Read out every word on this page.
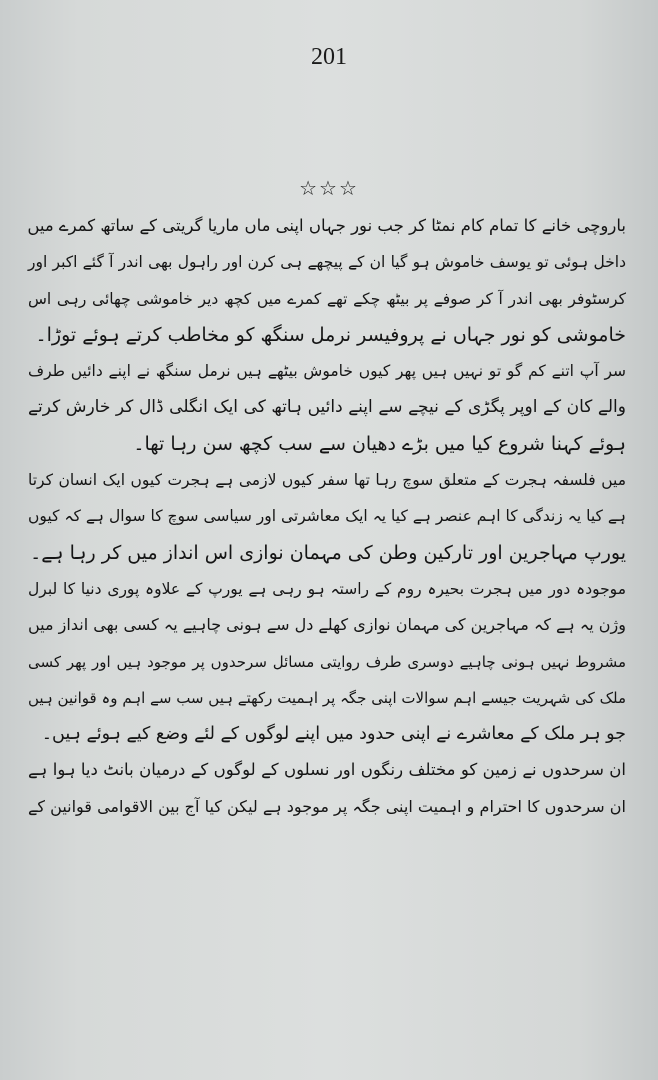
201
☆☆☆
باروچی خانے کا تمام کام نمٹا کر جب نور جہاں اپنی ماں ماریا گریتی کے ساتھ کمرے میں
داخل ہوئی تو یوسف خاموش ہو گیا ان کے پیچھے ہی کرن اور راہول بھی اندر آ گئے اکبر اور
کرسٹوفر بھی اندر آ کر صوفے پر بیٹھ چکے تھے کمرے میں کچھ دیر خاموشی چھائی رہی اس
خاموشی کو نور جہاں نے پروفیسر نرمل سنگھ کو مخاطب کرتے ہوئے توڑا۔
سر آپ اتنے کم گو تو نہیں ہیں پھر کیوں خاموش بیٹھے ہیں نرمل سنگھ نے اپنے دائیں طرف
والے کان کے اوپر پگڑی کے نیچے سے اپنے دائیں ہاتھ کی ایک انگلی ڈال کر خارش کرتے
ہوئے کہنا شروع کیا میں بڑے دھیان سے سب کچھ سن رہا تھا۔
میں فلسفہ ہجرت کے متعلق سوچ رہا تھا سفر کیوں لازمی ہے ہجرت کیوں ایک انسان کرتا
ہے کیا یہ زندگی کا اہم عنصر ہے کیا یہ ایک معاشرتی اور سیاسی سوچ کا سوال ہے کہ کیوں
یورپ مہاجرین اور تارکین وطن کی مہمان نوازی اس انداز میں کر رہا ہے۔
موجودہ دور میں ہجرت بحیرہ روم کے راستہ ہو رہی ہے یورپ کے علاوہ پوری دنیا کا لبرل
وژن یہ ہے کہ مہاجرین کی مہمان نوازی کھلے دل سے ہونی چاہیے یہ کسی بھی انداز میں
مشروط نہیں ہونی چاہیے دوسری طرف روایتی مسائل سرحدوں پر موجود ہیں اور پھر کسی
ملک کی شہریت جیسے اہم سوالات اپنی جگہ پر اہمیت رکھتے ہیں سب سے اہم وہ قوانین ہیں
جو ہر ملک کے معاشرے نے اپنی حدود میں اپنے لوگوں کے لئے وضع کیے ہوئے ہیں۔
ان سرحدوں نے زمین کو مختلف رنگوں اور نسلوں کے لوگوں کے درمیان بانٹ دیا ہوا ہے
ان سرحدوں کا احترام و اہمیت اپنی جگہ پر موجود ہے لیکن کیا آج بین الاقوامی قوانین کے
